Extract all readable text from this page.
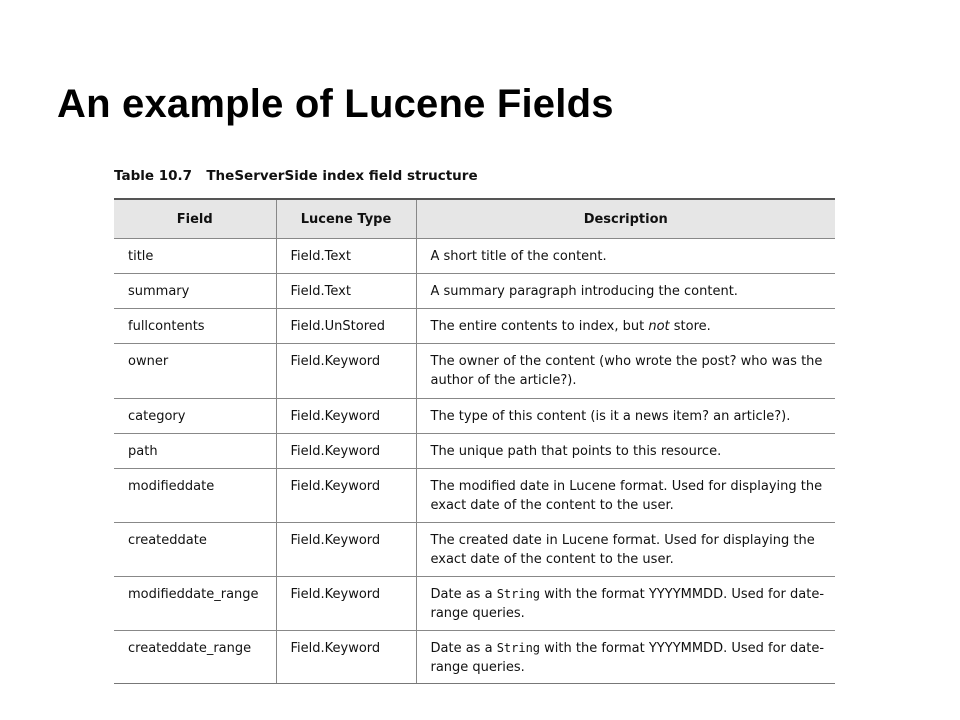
An example of Lucene Fields
Table 10.7 TheServerSide index field structure
Field	Lucene Type	Description
title	Field.Text	A short title of the content.
summary	Field.Text	A summary paragraph introducing the content.
fullcontents	Field.UnStored	The entire contents to index, but not store.
owner	Field.Keyword	The owner of the content (who wrote the post? who was the author of the article?).
category	Field.Keyword	The type of this content (is it a news item? an article?).
path	Field.Keyword	The unique path that points to this resource.
modifieddate	Field.Keyword	The modified date in Lucene format. Used for displaying the exact date of the content to the user.
createddate	Field.Keyword	The created date in Lucene format. Used for displaying the exact date of the content to the user.
modifieddate_range	Field.Keyword	Date as a String with the format YYYYMMDD. Used for date-range queries.
createddate_range	Field.Keyword	Date as a String with the format YYYYMMDD. Used for date-range queries.
